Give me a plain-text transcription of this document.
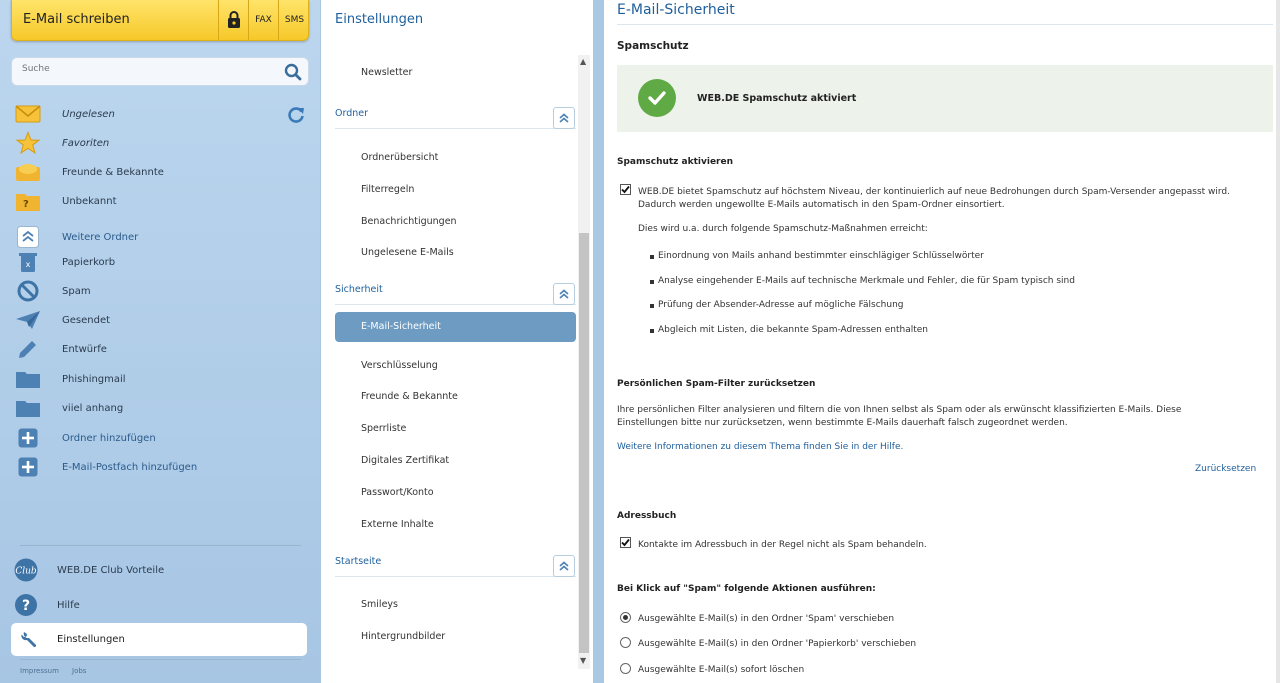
E-Mail schreiben	FAX	SMS
Suche
Ungelesen
Favoriten
Freunde & Bekannte
?	Unbekannt
Weitere Ordner
x	Papierkorb
Spam
Gesendet
Entwürfe
Phishingmail
viiel anhang
Ordner hinzufügen
E-Mail-Postfach hinzufügen
Club WEB.DE Club Vorteile
?	Hilfe
Einstellungen
Impressum Jobs
Einstellungen
Newsletter
Ordner
Ordnerübersicht
Filterregeln
Benachrichtigungen
Ungelesene E-Mails
Sicherheit
E-Mail-Sicherheit
Verschlüsselung
Freunde & Bekannte
Sperrliste
Digitales Zertifikat
Passwort/Konto
Externe Inhalte
Startseite
Smileys
Hintergrundbilder
▲
▼
E-Mail-Sicherheit
Spamschutz
WEB.DE Spamschutz aktiviert
Spamschutz aktivieren
WEB.DE bietet Spamschutz auf höchstem Niveau, der kontinuierlich auf neue Bedrohungen durch Spam-Versender angepasst wird.
Dadurch werden ungewollte E-Mails automatisch in den Spam-Ordner einsortiert.
Dies wird u.a. durch folgende Spamschutz-Maßnahmen erreicht:
Einordnung von Mails anhand bestimmter einschlägiger Schlüsselwörter
Analyse eingehender E-Mails auf technische Merkmale und Fehler, die für Spam typisch sind
Prüfung der Absender-Adresse auf mögliche Fälschung
Abgleich mit Listen, die bekannte Spam-Adressen enthalten
Persönlichen Spam-Filter zurücksetzen
Ihre persönlichen Filter analysieren und filtern die von Ihnen selbst als Spam oder als erwünscht klassifizierten E-Mails. Diese
Einstellungen bitte nur zurücksetzen, wenn bestimmte E-Mails dauerhaft falsch zugeordnet werden.
Weitere Informationen zu diesem Thema finden Sie in der Hilfe.
Zurücksetzen
Adressbuch
Kontakte im Adressbuch in der Regel nicht als Spam behandeln.
Bei Klick auf "Spam" folgende Aktionen ausführen:
Ausgewählte E-Mail(s) in den Ordner 'Spam' verschieben
Ausgewählte E-Mail(s) in den Ordner 'Papierkorb' verschieben
Ausgewählte E-Mail(s) sofort löschen
